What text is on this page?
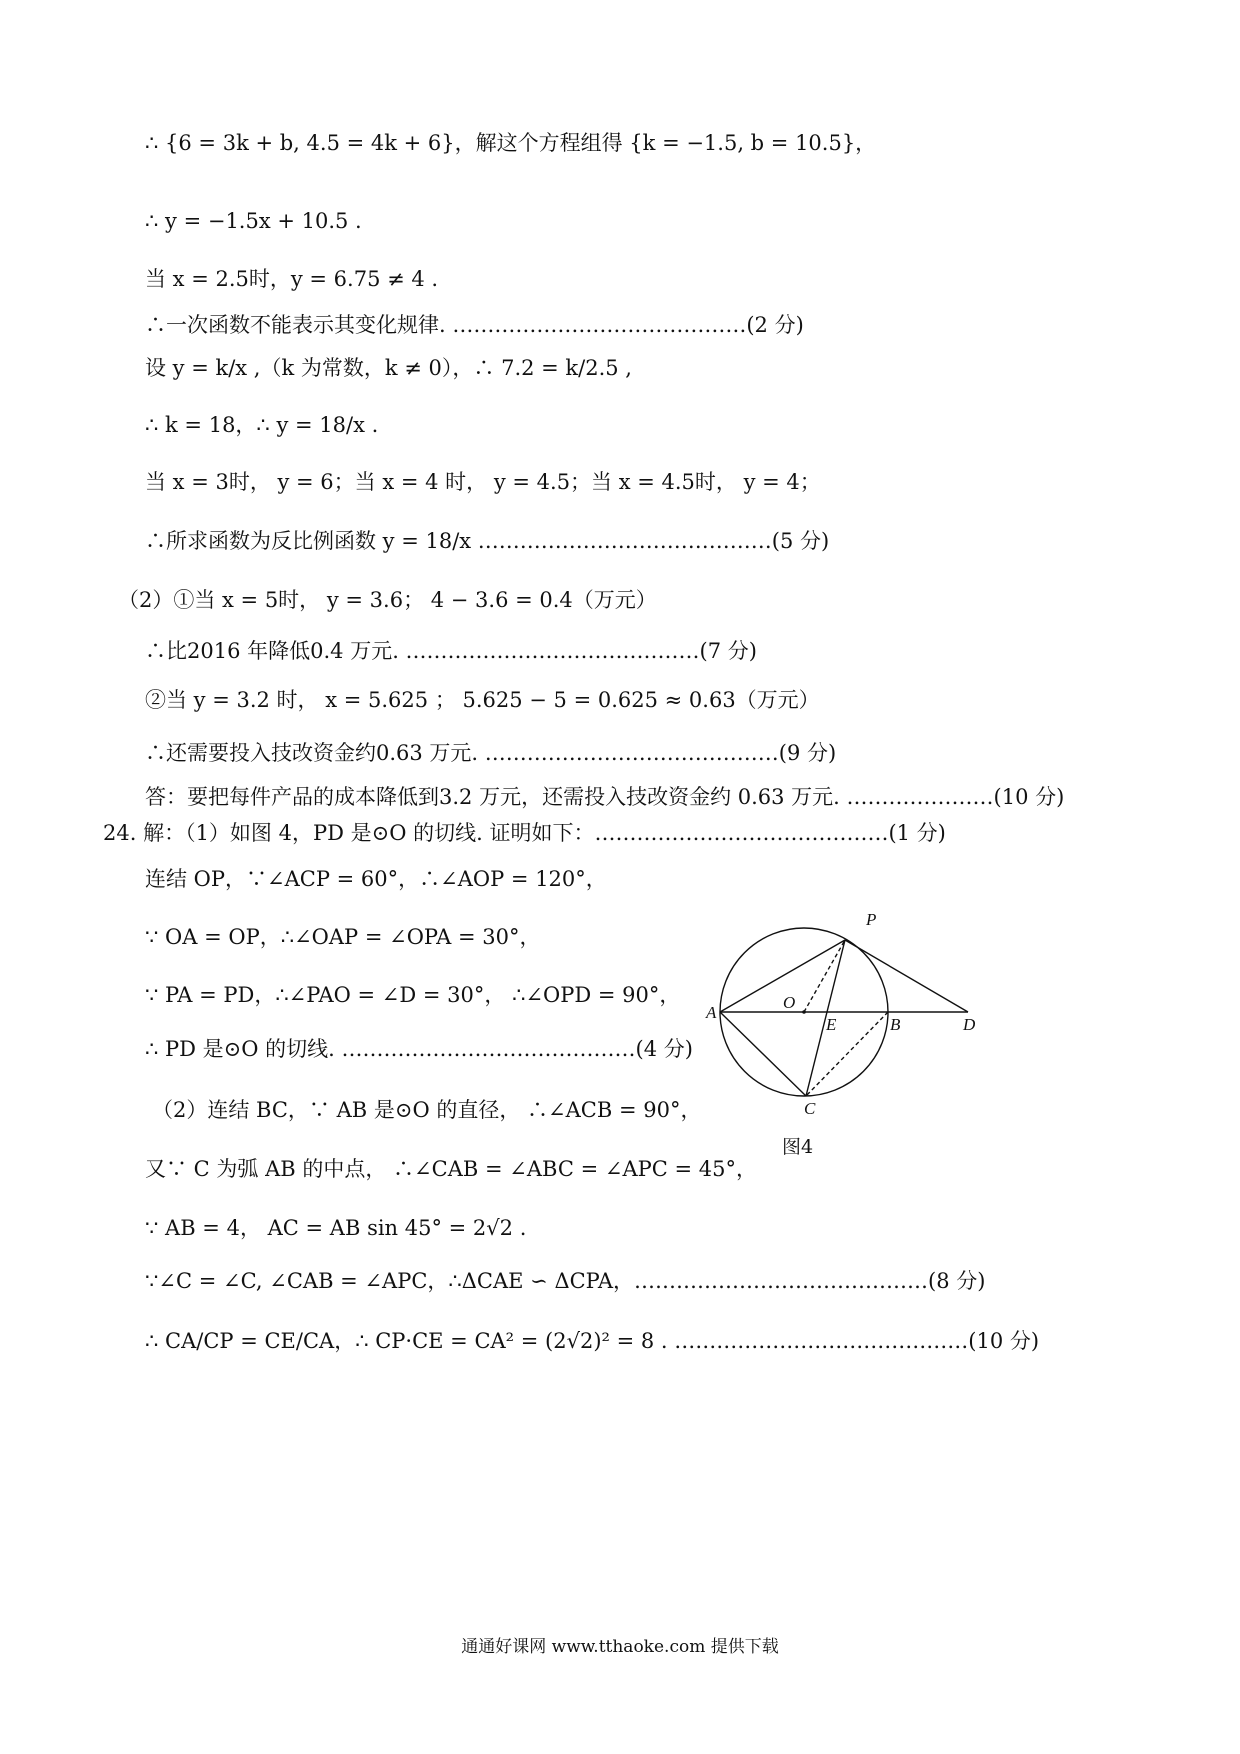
∴ {6 = 3k + b, 4.5 = 4k + 6}，解这个方程组得 {k = −1.5, b = 10.5}，
∴ y = −1.5x + 10.5 .
当 x = 2.5时，y = 6.75 ≠ 4 .
∴一次函数不能表示其变化规律. ……………………………………(2 分)
设 y = k/x ,（k 为常数，k ≠ 0），∴ 7.2 = k/2.5 ,
∴ k = 18，∴ y = 18/x .
当 x = 3时， y = 6；当 x = 4 时， y = 4.5；当 x = 4.5时， y = 4；
∴所求函数为反比例函数 y = 18/x ……………………………………(5 分)
（2）①当 x = 5时， y = 3.6； 4 − 3.6 = 0.4（万元）
∴比2016 年降低0.4 万元. ……………………………………(7 分)
②当 y = 3.2 时， x = 5.625 ； 5.625 − 5 = 0.625 ≈ 0.63（万元）
∴还需要投入技改资金约0.63 万元. ……………………………………(9 分)
答：要把每件产品的成本降低到3.2 万元，还需投入技改资金约 0.63 万元. …………………(10 分)
24. 解：（1）如图 4，PD 是⊙O 的切线. 证明如下：……………………………………(1 分)
连结 OP，∵∠ACP = 60°，∴∠AOP = 120°，
∵ OA = OP，∴∠OAP = ∠OPA = 30°，
∵ PA = PD，∴∠PAO = ∠D = 30°， ∴∠OPD = 90°，
∴ PD 是⊙O 的切线. ……………………………………(4 分)
（2）连结 BC，∵ AB 是⊙O 的直径， ∴∠ACB = 90°，
又∵ C 为弧 AB 的中点， ∴∠CAB = ∠ABC = ∠APC = 45°，
∵ AB = 4， AC = AB sin 45° = 2√2 .
∵∠C = ∠C, ∠CAB = ∠APC，∴ΔCAE ∽ ΔCPA，……………………………………(8 分)
∴ CA/CP = CE/CA，∴ CP·CE = CA² = (2√2)² = 8 . ……………………………………(10 分)
P
O
A
E	B	D
C
图4
通通好课网 www.tthaoke.com 提供下载
